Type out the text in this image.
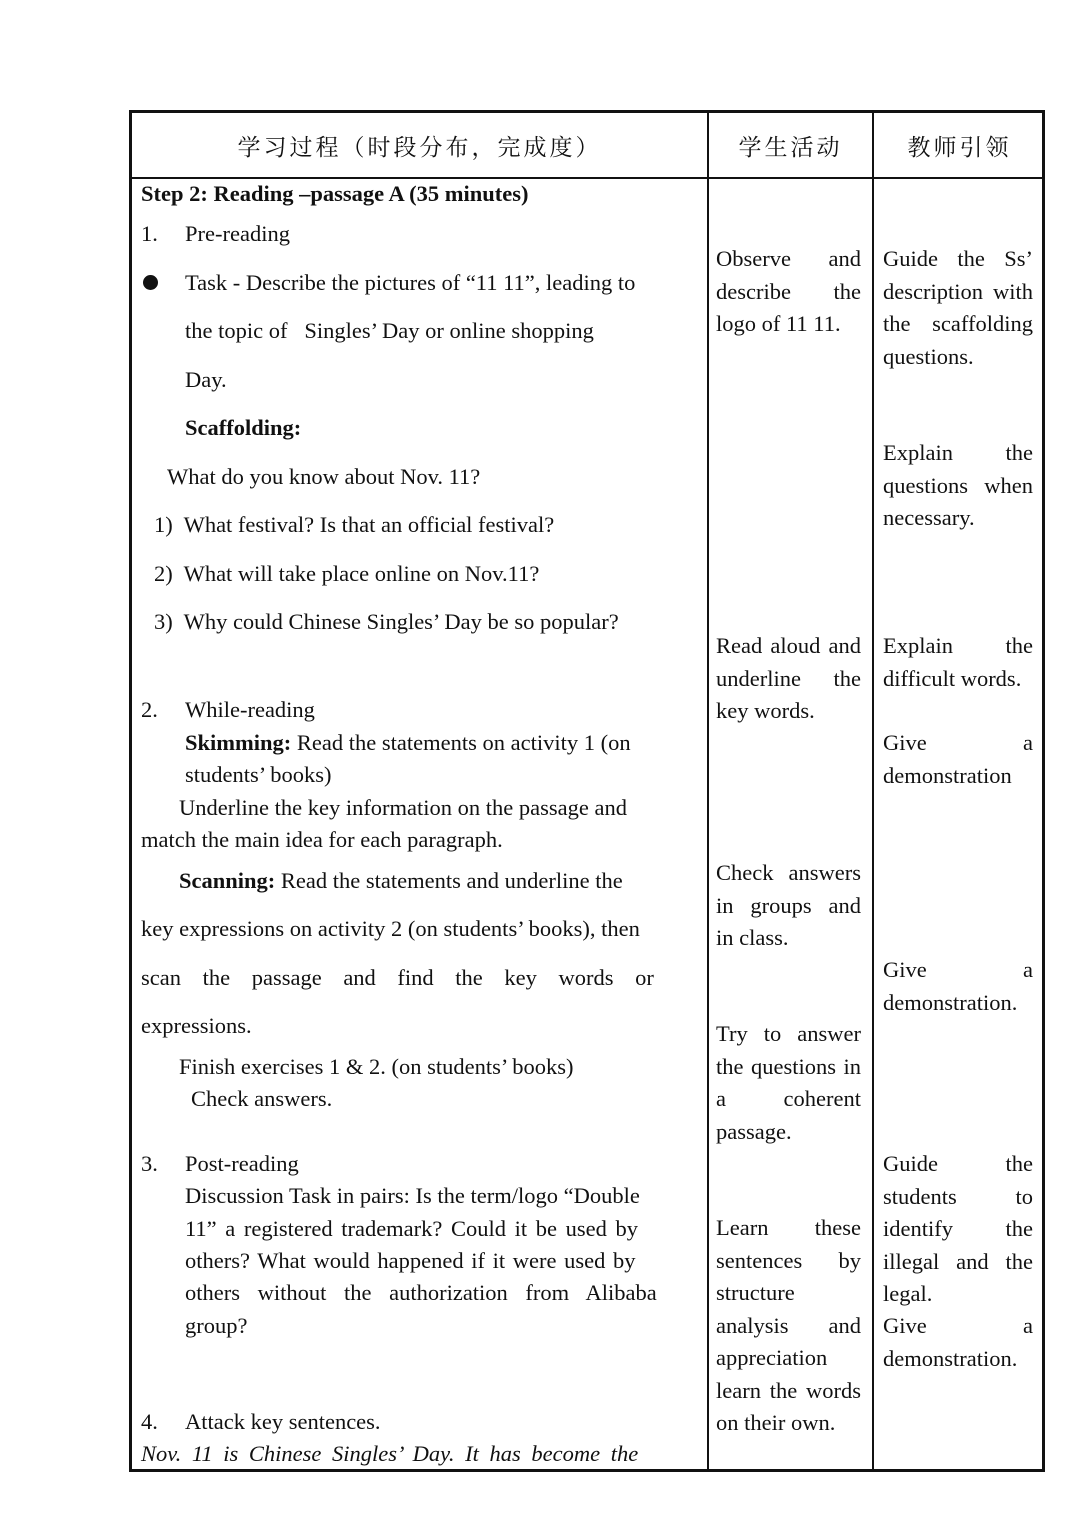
学习过程（时段分布，完成度）	学生活动	教师引领
Step 2: Reading –passage A (35 minutes)
1. Pre-reading
Task - Describe the pictures of “11 11”, leading to
the topic of   Singles’ Day or online shopping
Day.
Scaffolding:
What do you know about Nov. 11?
1)  What festival? Is that an official festival?
2)  What will take place online on Nov.11?
3)  Why could Chinese Singles’ Day be so popular?
2. While-reading
Skimming: Read the statements on activity 1 (on
students’ books)
Underline the key information on the passage and
match the main idea for each paragraph.
Scanning: Read the statements and underline the
key expressions on activity 2 (on students’ books), then
scan the passage and find the key words or
expressions.
Finish exercises 1 & 2. (on students’ books)
Check answers.
3. Post-reading
Discussion Task in pairs: Is the term/logo “Double
11” a registered trademark? Could it be used by
others? What would happened if it were used by
others without the authorization from Alibaba
group?
4. Attack key sentences.
Nov. 11 is Chinese Singles’ Day. It has become the
Observe and describe the logo of 11 11.
Read aloud and underline the key words.
Check answers in groups and in class.
Try to answer the questions in a coherent passage.
Learn these sentences by structure analysis and appreciation learn the words on their own.
Guide the Ss’ description with the scaffolding questions.
Explain the questions when necessary.
Explain the difficult words.
Give a demonstration
Give a demonstration.
Guide the students to identify the illegal and the legal.
Give a demonstration.
